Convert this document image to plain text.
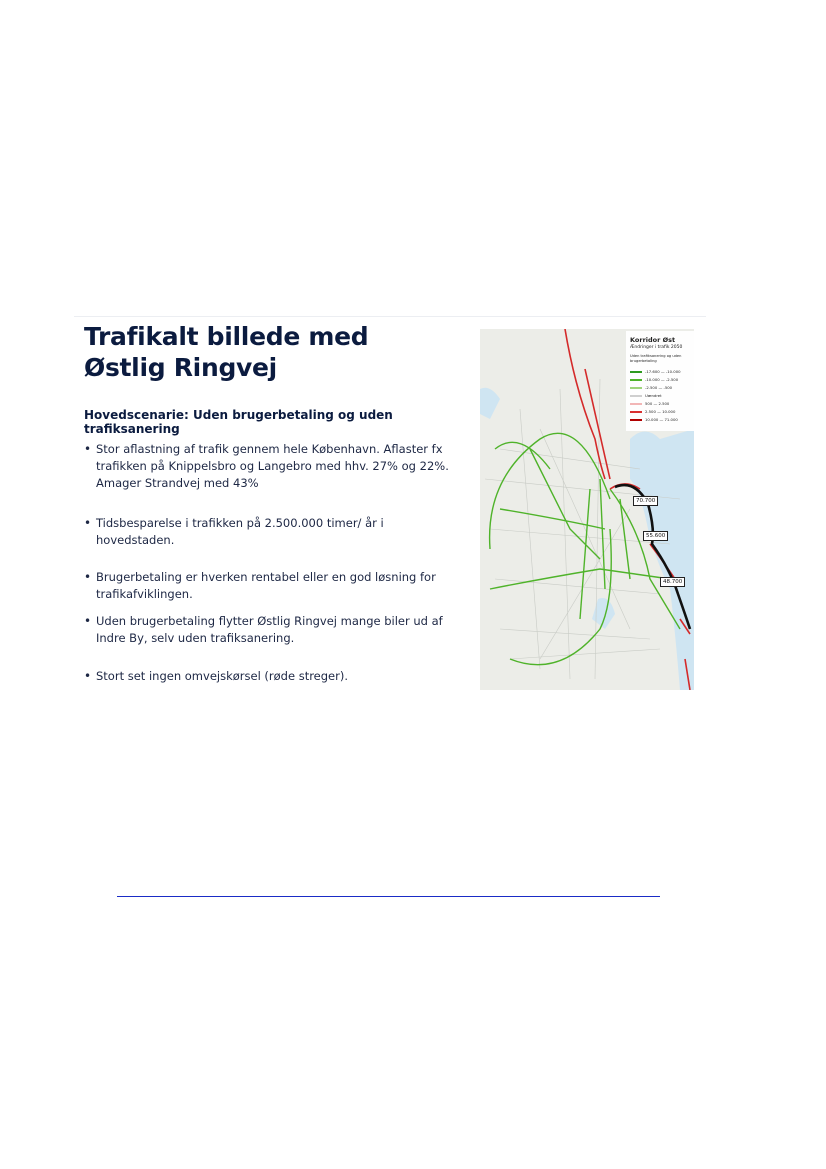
Trafikalt billede med
Østlig Ringvej
Hovedscenarie: Uden brugerbetaling og uden trafiksanering
• Stor aflastning af trafik gennem hele København. Aflaster fx trafikken på Knippelsbro og Langebro med hhv. 27% og 22%. Amager Strandvej med 43%
• Tidsbesparelse i trafikken på 2.500.000 timer/ år i hovedstaden.
• Brugerbetaling er hverken rentabel eller en god løsning for trafikafviklingen.
• Uden brugerbetaling flytter Østlig Ringvej mange biler ud af Indre By, selv uden trafiksanering.
• Stort set ingen omvejskørsel (røde streger).
Korridor Øst
Ændringer i trafik 2050
Uden trafiksanering og uden brugerbetaling
-17.600 — -10.000
-10.000 — -2.500
-2.500 — -500
Uændret
500 — 2.500
2.500 — 10.000
10.000 — 71.000
70.700
55.600
48.700
